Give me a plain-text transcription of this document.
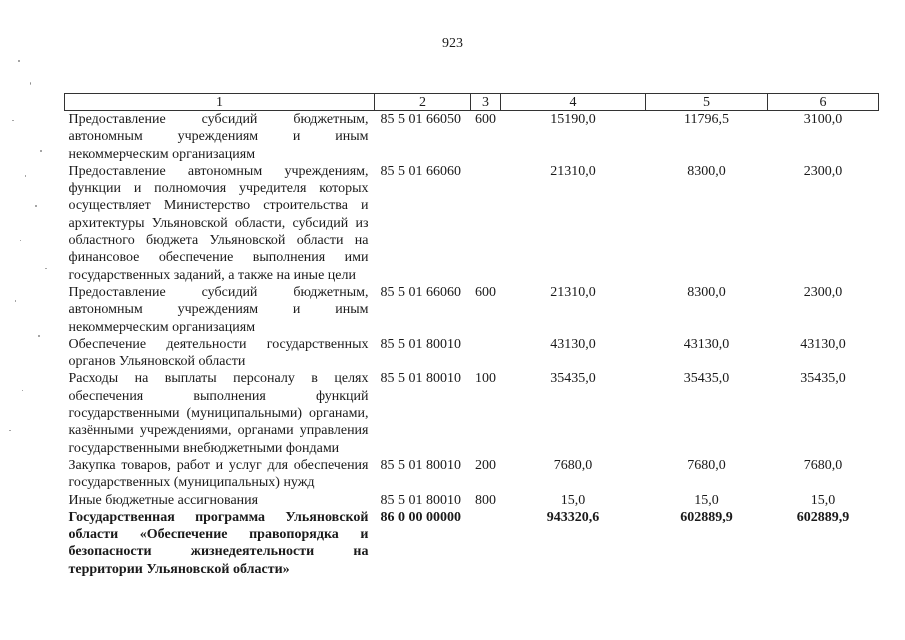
923
1	2	3	4	5	6
Предоставление субсидий бюджетным, автономным учреждениям и иным некоммерческим организациям	85 5 01 66050	600	15190,0	11796,5	3100,0
Предоставление автономным учреждениям, функции и полномочия учредителя которых осуществляет Министерство строительства и архитектуры Ульяновской области, субсидий из областного бюджета Ульяновской области на финансовое обеспечение выполнения ими государственных заданий, а также на иные цели	85 5 01 66060		21310,0	8300,0	2300,0
Предоставление субсидий бюджетным, автономным учреждениям и иным некоммерческим организациям	85 5 01 66060	600	21310,0	8300,0	2300,0
Обеспечение деятельности государственных органов Ульяновской области	85 5 01 80010		43130,0	43130,0	43130,0
Расходы на выплаты персоналу в целях обеспечения выполнения функций государственными (муниципальными) органами, казёнными учреждениями, органами управления государственными внебюджетными фондами	85 5 01 80010	100	35435,0	35435,0	35435,0
Закупка товаров, работ и услуг для обеспечения государственных (муниципальных) нужд	85 5 01 80010	200	7680,0	7680,0	7680,0
Иные бюджетные ассигнования	85 5 01 80010	800	15,0	15,0	15,0
Государственная программа Ульяновской области «Обеспечение правопорядка и безопасности жизнедеятельности на территории Ульяновской области»	86 0 00 00000		943320,6	602889,9	602889,9
